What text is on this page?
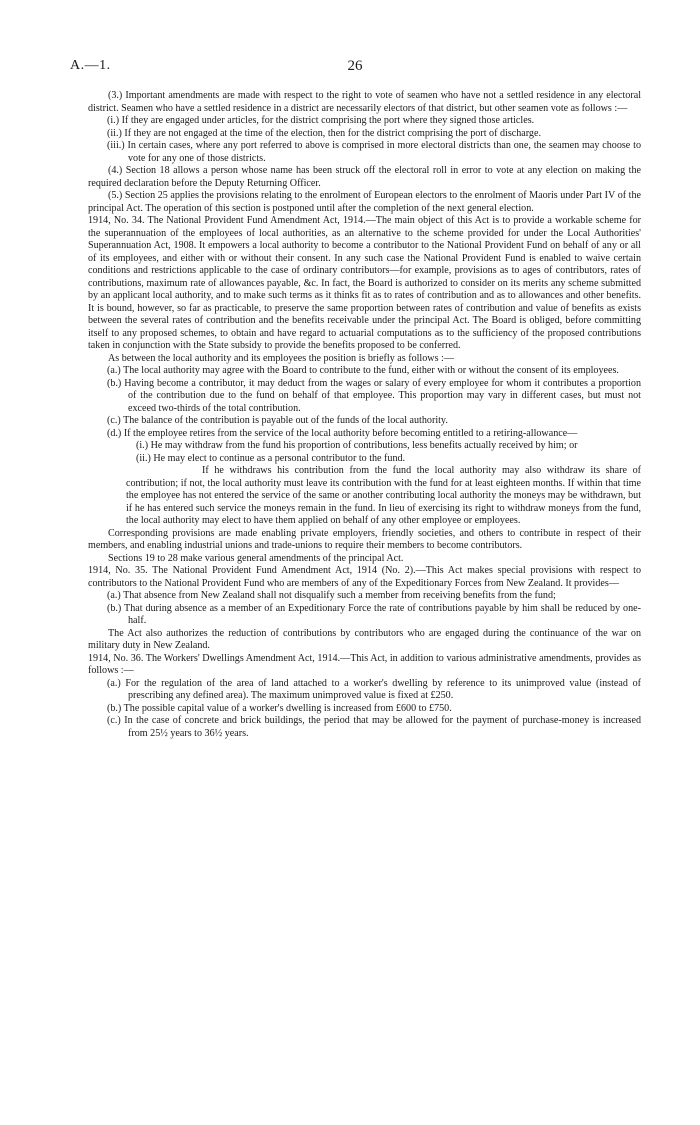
A.—1.	26

(3.) Important amendments are made with respect to the right to vote of seamen who have not a settled residence in any electoral district. Seamen who have a settled residence in a district are necessarily electors of that district, but other seamen vote as follows :—

(i.) If they are engaged under articles, for the district comprising the port where they signed those articles.

(ii.) If they are not engaged at the time of the election, then for the district comprising the port of discharge.

(iii.) In certain cases, where any port referred to above is comprised in more electoral districts than one, the seamen may choose to vote for any one of those districts.

(4.) Section 18 allows a person whose name has been struck off the electoral roll in error to vote at any election on making the required declaration before the Deputy Returning Officer.

(5.) Section 25 applies the provisions relating to the enrolment of European electors to the enrolment of Maoris under Part IV of the principal Act. The operation of this section is postponed until after the completion of the next general election.

1914, No. 34. The National Provident Fund Amendment Act, 1914.—The main object of this Act is to provide a workable scheme for the superannuation of the employees of local authorities, as an alternative to the scheme provided for under the Local Authorities' Superannuation Act, 1908. It empowers a local authority to become a contributor to the National Provident Fund on behalf of any or all of its employees, and either with or without their consent. In any such case the National Provident Fund is enabled to waive certain conditions and restrictions applicable to the case of ordinary contributors—for example, provisions as to ages of contributors, rates of contributions, maximum rate of allowances payable, &c. In fact, the Board is authorized to consider on its merits any scheme submitted by an applicant local authority, and to make such terms as it thinks fit as to rates of contribution and as to allowances and other benefits. It is bound, however, so far as practicable, to preserve the same proportion between rates of contribution and value of benefits as exists between the several rates of contribution and the benefits receivable under the principal Act. The Board is obliged, before committing itself to any proposed schemes, to obtain and have regard to actuarial computations as to the sufficiency of the proposed contributions taken in conjunction with the State subsidy to provide the benefits proposed to be conferred.

As between the local authority and its employees the position is briefly as follows :—

(a.) The local authority may agree with the Board to contribute to the fund, either with or without the consent of its employees.

(b.) Having become a contributor, it may deduct from the wages or salary of every employee for whom it contributes a proportion of the contribution due to the fund on behalf of that employee. This proportion may vary in different cases, but must not exceed two-thirds of the total contribution.

(c.) The balance of the contribution is payable out of the funds of the local authority.

(d.) If the employee retires from the service of the local authority before becoming entitled to a retiring-allowance—

(i.) He may withdraw from the fund his proportion of contributions, less benefits actually received by him; or

(ii.) He may elect to continue as a personal contributor to the fund.

If he withdraws his contribution from the fund the local authority may also withdraw its share of contribution; if not, the local authority must leave its contribution with the fund for at least eighteen months. If within that time the employee has not entered the service of the same or another contributing local authority the moneys may be withdrawn, but if he has entered such service the moneys remain in the fund. In lieu of exercising its right to withdraw moneys from the fund, the local authority may elect to have them applied on behalf of any other employee or employees.

Corresponding provisions are made enabling private employers, friendly societies, and others to contribute in respect of their members, and enabling industrial unions and trade-unions to require their members to become contributors.

Sections 19 to 28 make various general amendments of the principal Act.

1914, No. 35. The National Provident Fund Amendment Act, 1914 (No. 2).—This Act makes special provisions with respect to contributors to the National Provident Fund who are members of any of the Expeditionary Forces from New Zealand. It provides—

(a.) That absence from New Zealand shall not disqualify such a member from receiving benefits from the fund;

(b.) That during absence as a member of an Expeditionary Force the rate of contributions payable by him shall be reduced by one-half.

The Act also authorizes the reduction of contributions by contributors who are engaged during the continuance of the war on military duty in New Zealand.

1914, No. 36. The Workers' Dwellings Amendment Act, 1914.—This Act, in addition to various administrative amendments, provides as follows :—

(a.) For the regulation of the area of land attached to a worker's dwelling by reference to its unimproved value (instead of prescribing any defined area). The maximum unimproved value is fixed at £250.

(b.) The possible capital value of a worker's dwelling is increased from £600 to £750.

(c.) In the case of concrete and brick buildings, the period that may be allowed for the payment of purchase-money is increased from 25½ years to 36½ years.
